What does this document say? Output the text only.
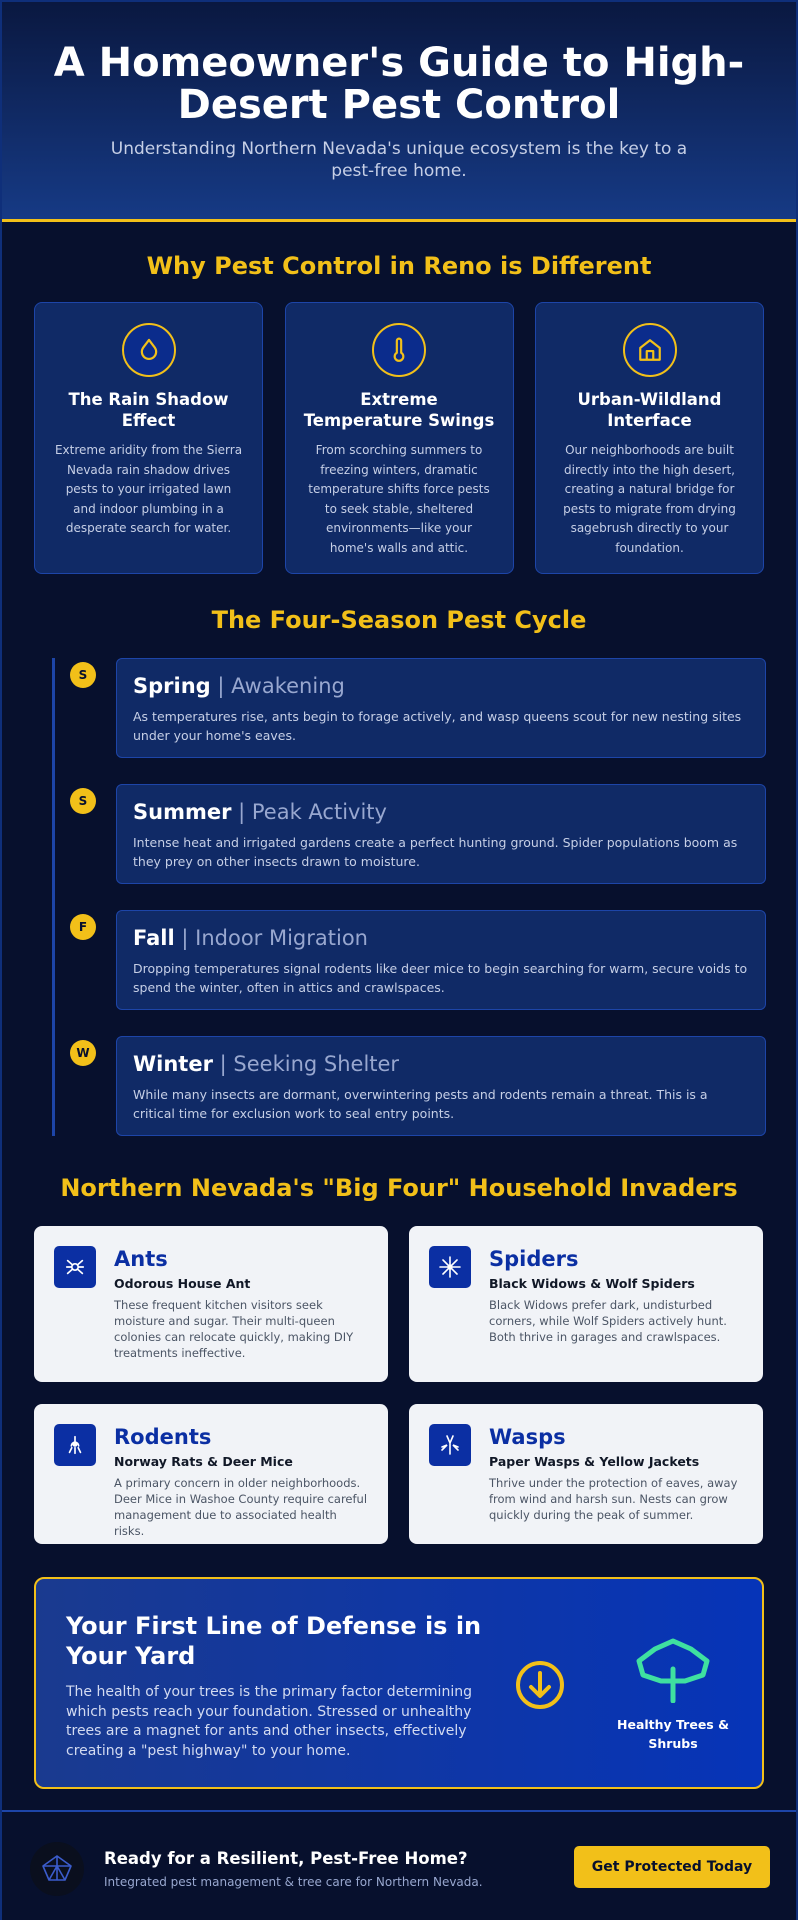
A Homeowner's Guide to High-Desert Pest Control

Understanding Northern Nevada's unique ecosystem is the key to a pest-free home.

Why Pest Control in Reno is Different
The Rain Shadow Effect

Extreme aridity from the Sierra Nevada rain shadow drives pests to your irrigated lawn and indoor plumbing in a desperate search for water.

Extreme Temperature Swings

From scorching summers to freezing winters, dramatic temperature shifts force pests to seek stable, sheltered environments—like your home's walls and attic.

Urban-Wildland Interface

Our neighborhoods are built directly into the high desert, creating a natural bridge for pests to migrate from drying sagebrush directly to your foundation.

The Four-Season Pest Cycle
S	Spring | Awakening

As temperatures rise, ants begin to forage actively, and wasp queens scout for new nesting sites under your home's eaves.

S	Summer | Peak Activity

Intense heat and irrigated gardens create a perfect hunting ground. Spider populations boom as they prey on other insects drawn to moisture.

F	Fall | Indoor Migration

Dropping temperatures signal rodents like deer mice to begin searching for warm, secure voids to spend the winter, often in attics and crawlspaces.

W	Winter | Seeking Shelter

While many insects are dormant, overwintering pests and rodents remain a threat. This is a critical time for exclusion work to seal entry points.

Northern Nevada's "Big Four" Household Invaders
Ants
Odorous House Ant

These frequent kitchen visitors seek moisture and sugar. Their multi-queen colonies can relocate quickly, making DIY treatments ineffective.

Spiders
Black Widows & Wolf Spiders

Black Widows prefer dark, undisturbed corners, while Wolf Spiders actively hunt. Both thrive in garages and crawlspaces.

Rodents
Norway Rats & Deer Mice

A primary concern in older neighborhoods. Deer Mice in Washoe County require careful management due to associated health risks.

Wasps
Paper Wasps & Yellow Jackets

Thrive under the protection of eaves, away from wind and harsh sun. Nests can grow quickly during the peak of summer.

Your First Line of Defense is in Your Yard

The health of your trees is the primary factor determining which pests reach your foundation. Stressed or unhealthy trees are a magnet for ants and other insects, effectively creating a "pest highway" to your home.

Healthy Trees & Shrubs
Ready for a Resilient, Pest-Free Home?
Integrated pest management & tree care for Northern Nevada.
Get Protected Today
